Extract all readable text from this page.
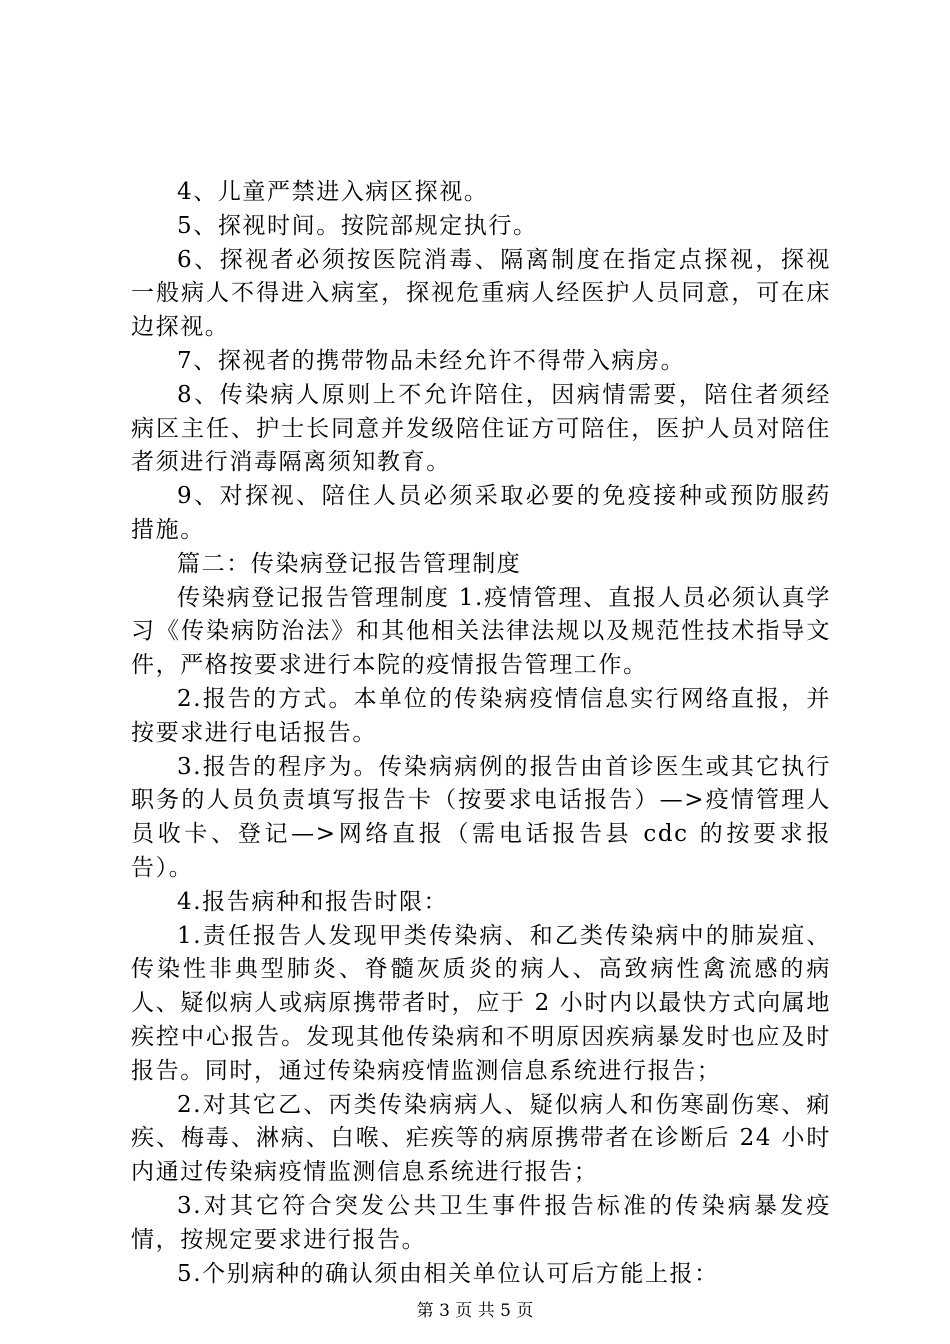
4、儿童严禁进入病区探视。

5、探视时间。按院部规定执行。

6、探视者必须按医院消毒、隔离制度在指定点探视，探视一般病人不得进入病室，探视危重病人经医护人员同意，可在床边探视。

7、探视者的携带物品未经允许不得带入病房。

8、传染病人原则上不允许陪住，因病情需要，陪住者须经病区主任、护士长同意并发级陪住证方可陪住，医护人员对陪住者须进行消毒隔离须知教育。

9、对探视、陪住人员必须采取必要的免疫接种或预防服药措施。

篇二：传染病登记报告管理制度

传染病登记报告管理制度 1.疫情管理、直报人员必须认真学习《传染病防治法》和其他相关法律法规以及规范性技术指导文件，严格按要求进行本院的疫情报告管理工作。

2.报告的方式。本单位的传染病疫情信息实行网络直报，并按要求进行电话报告。

3.报告的程序为。传染病病例的报告由首诊医生或其它执行职务的人员负责填写报告卡（按要求电话报告）—>疫情管理人员收卡、登记—>网络直报（需电话报告县 cdc 的按要求报告）。

4.报告病种和报告时限：

1.责任报告人发现甲类传染病、和乙类传染病中的肺炭疽、传染性非典型肺炎、脊髓灰质炎的病人、高致病性禽流感的病人、疑似病人或病原携带者时，应于 2 小时内以最快方式向属地疾控中心报告。发现其他传染病和不明原因疾病暴发时也应及时报告。同时，通过传染病疫情监测信息系统进行报告；

2.对其它乙、丙类传染病病人、疑似病人和伤寒副伤寒、痢疾、梅毒、淋病、白喉、疟疾等的病原携带者在诊断后 24 小时内通过传染病疫情监测信息系统进行报告；

3.对其它符合突发公共卫生事件报告标准的传染病暴发疫情，按规定要求进行报告。

5.个别病种的确认须由相关单位认可后方能上报：

第 3 页 共 5 页
